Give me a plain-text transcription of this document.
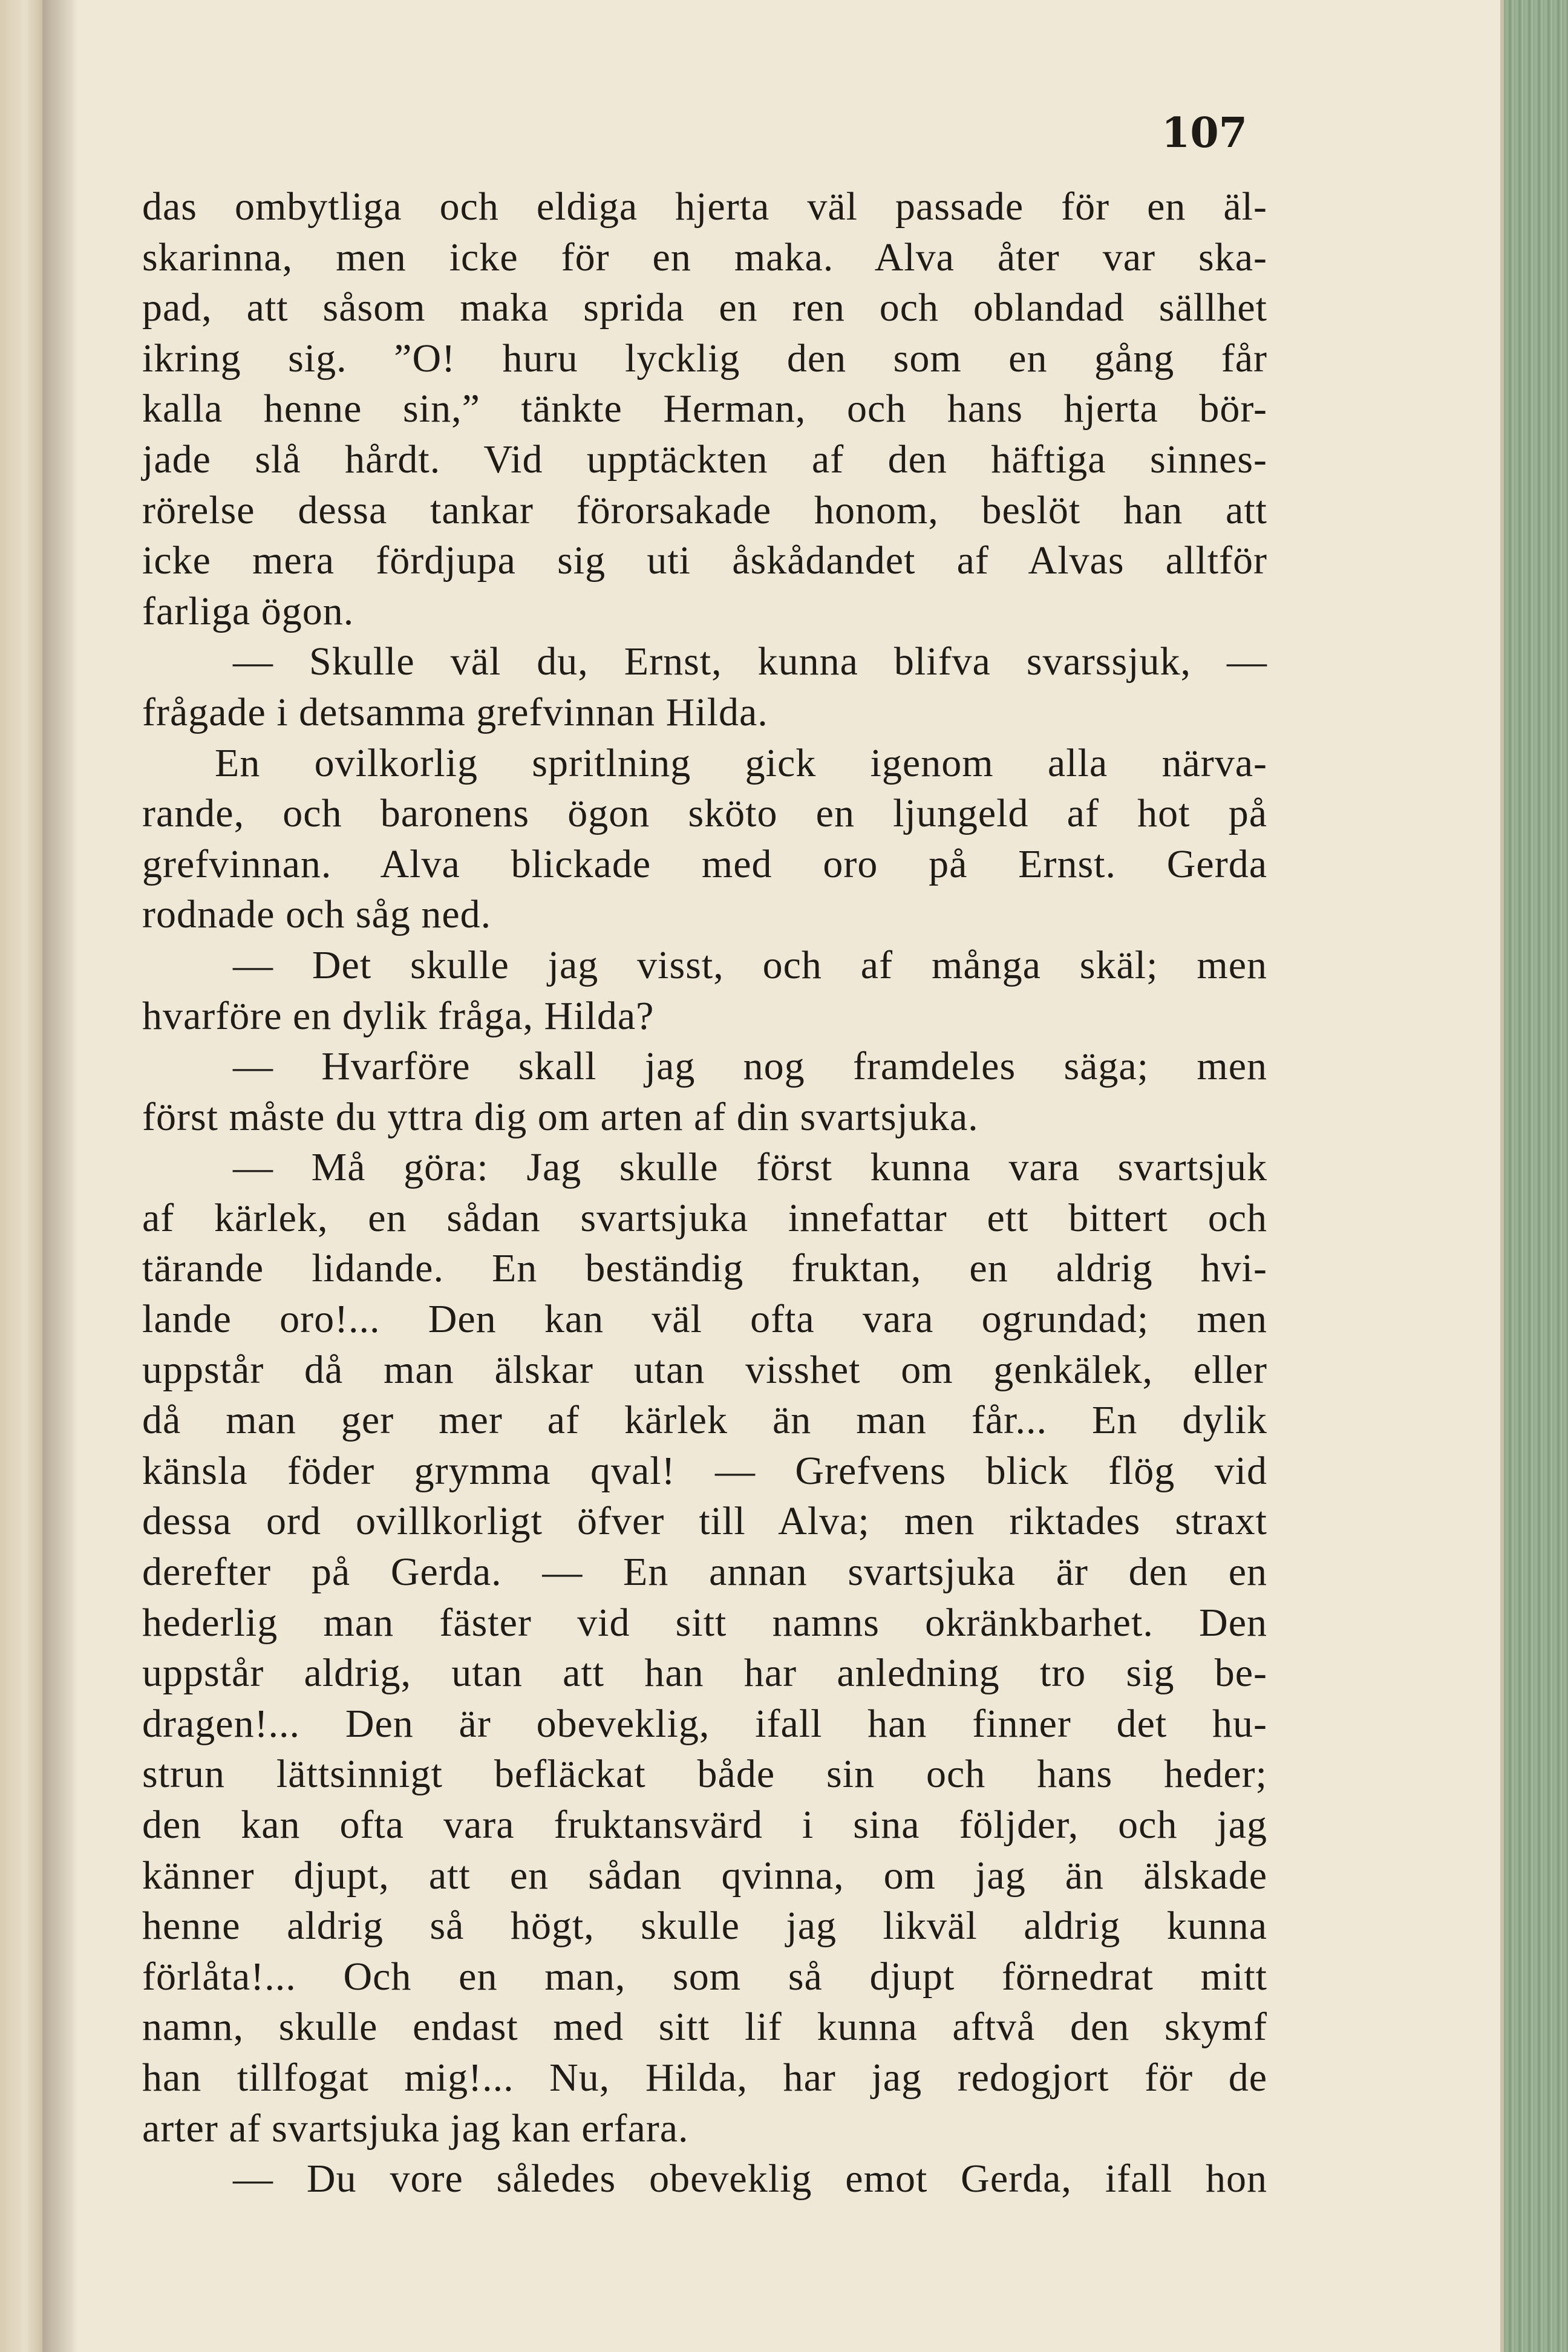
107
das ombytliga och eldiga hjerta väl passade för en äl-
skarinna, men icke för en maka. Alva åter var ska-
pad, att såsom maka sprida en ren och oblandad sällhet
ikring sig. ”O! huru lycklig den som en gång får
kalla henne sin,” tänkte Herman, och hans hjerta bör-
jade slå hårdt. Vid upptäckten af den häftiga sinnes-
rörelse dessa tankar förorsakade honom, beslöt han att
icke mera fördjupa sig uti åskådandet af Alvas alltför
farliga ögon.
— Skulle väl du, Ernst, kunna blifva svarssjuk, —
frågade i detsamma grefvinnan Hilda.
En ovilkorlig spritlning gick igenom alla närva-
rande, och baronens ögon sköto en ljungeld af hot på
grefvinnan. Alva blickade med oro på Ernst. Gerda
rodnade och såg ned.
— Det skulle jag visst, och af många skäl; men
hvarföre en dylik fråga, Hilda?
— Hvarföre skall jag nog framdeles säga; men
först måste du yttra dig om arten af din svartsjuka.
— Må göra: Jag skulle först kunna vara svartsjuk
af kärlek, en sådan svartsjuka innefattar ett bittert och
tärande lidande. En beständig fruktan, en aldrig hvi-
lande oro!... Den kan väl ofta vara ogrundad; men
uppstår då man älskar utan visshet om genkälek, eller
då man ger mer af kärlek än man får... En dylik
känsla föder grymma qval! — Grefvens blick flög vid
dessa ord ovillkorligt öfver till Alva; men riktades straxt
derefter på Gerda. — En annan svartsjuka är den en
hederlig man fäster vid sitt namns okränkbarhet. Den
uppstår aldrig, utan att han har anledning tro sig be-
dragen!... Den är obeveklig, ifall han finner det hu-
strun lättsinnigt befläckat både sin och hans heder;
den kan ofta vara fruktansvärd i sina följder, och jag
känner djupt, att en sådan qvinna, om jag än älskade
henne aldrig så högt, skulle jag likväl aldrig kunna
förlåta!... Och en man, som så djupt förnedrat mitt
namn, skulle endast med sitt lif kunna aftvå den skymf
han tillfogat mig!... Nu, Hilda, har jag redogjort för de
arter af svartsjuka jag kan erfara.
— Du vore således obeveklig emot Gerda, ifall hon
